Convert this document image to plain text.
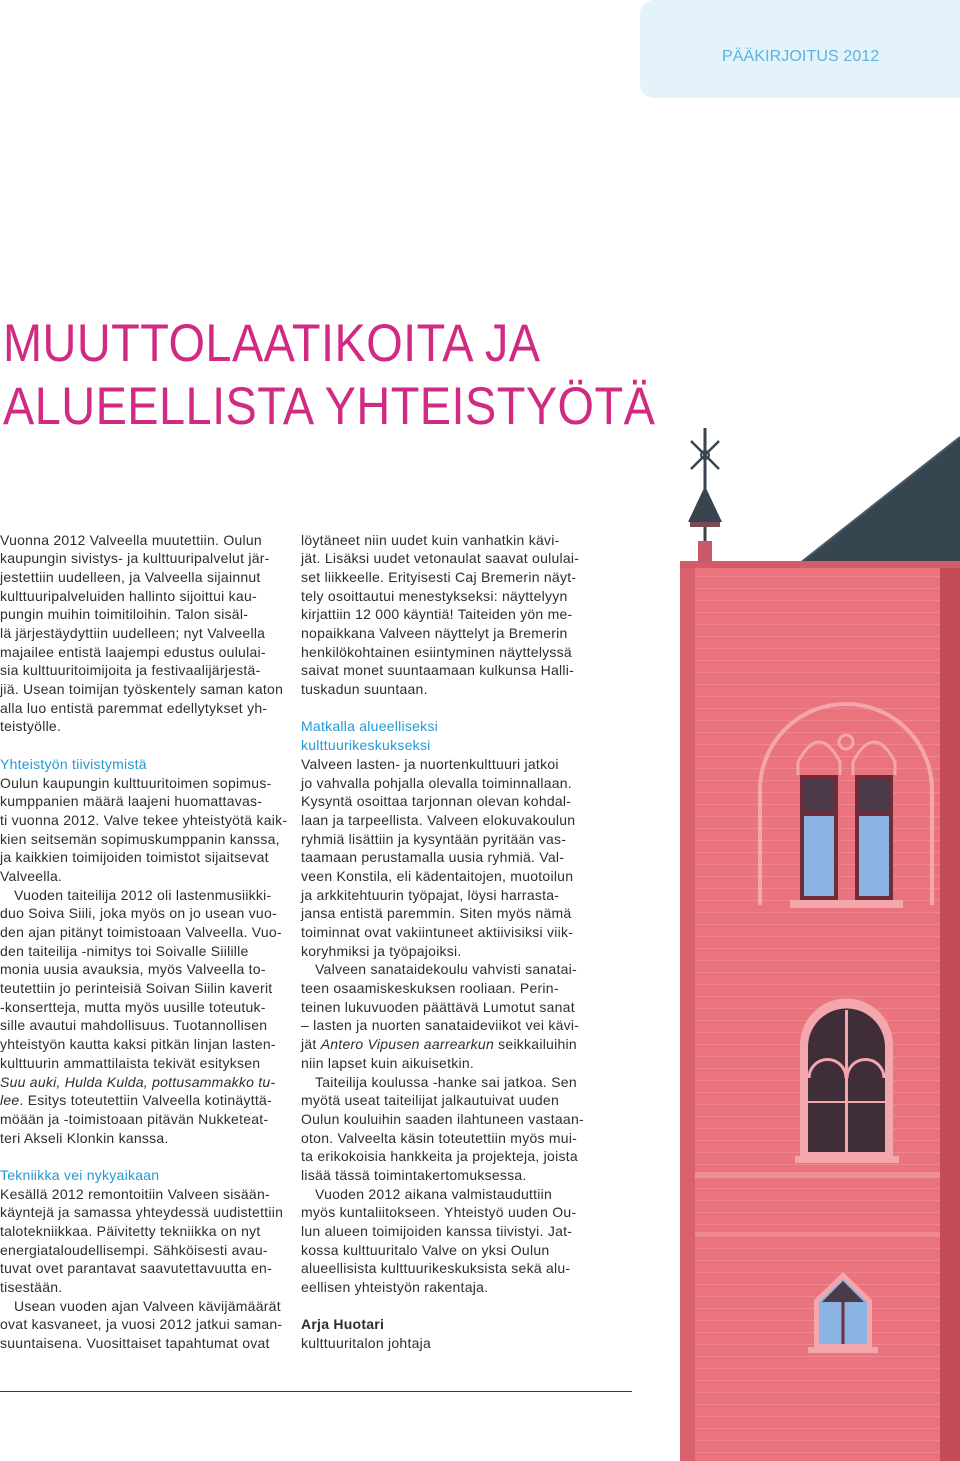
PÄÄKIRJOITUS 2012
MUUTTOLAATIKOITA JA
ALUEELLISTA YHTEISTYÖTÄ

Vuonna 2012 Valveella muutettiin. Oulun
kaupungin sivistys- ja kulttuuripalvelut jär-
jestettiin uudelleen, ja Valveella sijainnut
kulttuuripalveluiden hallinto sijoittui kau-
pungin muihin toimitiloihin. Talon sisäl-
lä järjestäydyttiin uudelleen; nyt Valveella
majailee entistä laajempi edustus oululai-
sia kulttuuritoimijoita ja festivaalijärjestä-
jiä. Usean toimijan työskentely saman katon
alla luo entistä paremmat edellytykset yh-
teistyölle.

Yhteistyön tiivistymistä

Oulun kaupungin kulttuuritoimen sopimus-
kumppanien määrä laajeni huomattavas-
ti vuonna 2012. Valve tekee yhteistyötä kaik-
kien seitsemän sopimuskumppanin kanssa,
ja kaikkien toimijoiden toimistot sijaitsevat
Valveella.

Vuoden taiteilija 2012 oli lastenmusiikki-
duo Soiva Siili, joka myös on jo usean vuo-
den ajan pitänyt toimistoaan Valveella. Vuo-
den taiteilija -nimitys toi Soivalle Siilille
monia uusia avauksia, myös Valveella to-
teutettiin jo perinteisiä Soivan Siilin kaverit
-konsertteja, mutta myös uusille toteutuk-
sille avautui mahdollisuus. Tuotannollisen
yhteistyön kautta kaksi pitkän linjan lasten-
kulttuurin ammattilaista tekivät esityksen
Suu auki, Hulda Kulda, pottusammakko tu-
lee. Esitys toteutettiin Valveella kotinäyttä-
möään ja -toimistoaan pitävän Nukketeat-
teri Akseli Klonkin kanssa.

Tekniikka vei nykyaikaan

Kesällä 2012 remontoitiin Valveen sisään-
käyntejä ja samassa yhteydessä uudistettiin
talotekniikkaa. Päivitetty tekniikka on nyt
energiataloudellisempi. Sähköisesti avau-
tuvat ovet parantavat saavutettavuutta en-
tisestään.

Usean vuoden ajan Valveen kävijämäärät
ovat kasvaneet, ja vuosi 2012 jatkui saman-
suuntaisena. Vuosittaiset tapahtumat ovat

löytäneet niin uudet kuin vanhatkin kävi-
jät. Lisäksi uudet vetonaulat saavat oululai-
set liikkeelle. Erityisesti Caj Bremerin näyt-
tely osoittautui menestykseksi: näyttelyyn
kirjattiin 12 000 käyntiä! Taiteiden yön me-
nopaikkana Valveen näyttelyt ja Bremerin
henkilökohtainen esiintyminen näyttelyssä
saivat monet suuntaamaan kulkunsa Halli-
tuskadun suuntaan.

Matkalla alueelliseksi
kulttuurikeskukseksi

Valveen lasten- ja nuortenkulttuuri jatkoi
jo vahvalla pohjalla olevalla toiminnallaan.
Kysyntä osoittaa tarjonnan olevan kohdal-
laan ja tarpeellista. Valveen elokuvakoulun
ryhmiä lisättiin ja kysyntään pyritään vas-
taamaan perustamalla uusia ryhmiä. Val-
veen Konstila, eli kädentaitojen, muotoilun
ja arkkitehtuurin työpajat, löysi harrasta-
jansa entistä paremmin. Siten myös nämä
toiminnat ovat vakiintuneet aktiivisiksi viik-
koryhmiksi ja työpajoiksi.

Valveen sanataidekoulu vahvisti sanatai-
teen osaamiskeskuksen rooliaan. Perin-
teinen lukuvuoden päättävä Lumotut sanat
– lasten ja nuorten sanataideviikot vei kävi-
jät Antero Vipusen aarrearkun seikkailuihin
niin lapset kuin aikuisetkin.

Taiteilija koulussa -hanke sai jatkoa. Sen
myötä useat taiteilijat jalkautuivat uuden
Oulun kouluihin saaden ilahtuneen vastaan-
oton. Valveelta käsin toteutettiin myös mui-
ta erikokoisia hankkeita ja projekteja, joista
lisää tässä toimintakertomuksessa.

Vuoden 2012 aikana valmistauduttiin
myös kuntaliitokseen. Yhteistyö uuden Ou-
lun alueen toimijoiden kanssa tiivistyi. Jat-
kossa kulttuuritalo Valve on yksi Oulun
alueellisista kulttuurikeskuksista sekä alu-
eellisen yhteistyön rakentaja.

Arja Huotari

kulttuuritalon johtaja
